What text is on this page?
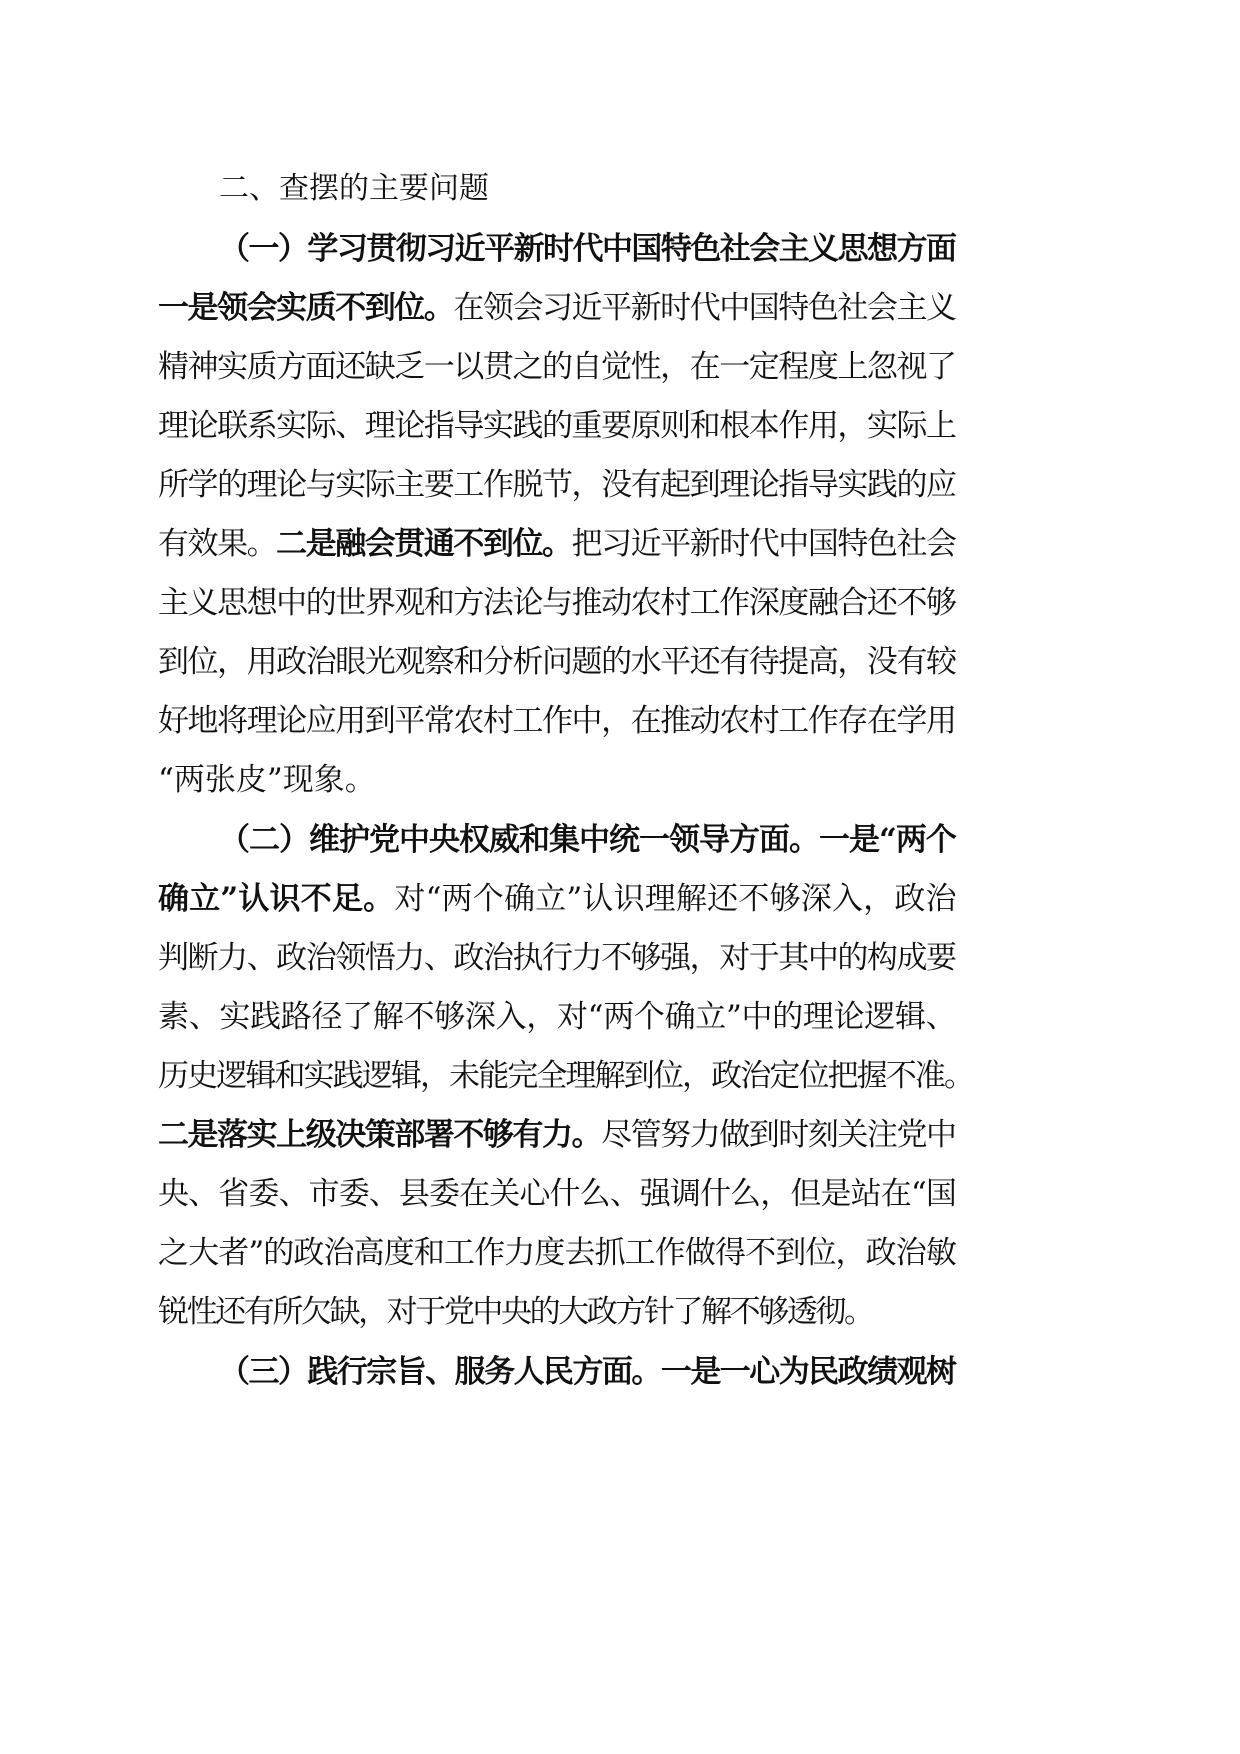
二、查摆的主要问题
（一）学习贯彻习近平新时代中国特色社会主义思想方面
一是领会实质不到位。在领会习近平新时代中国特色社会主义
精神实质方面还缺乏一以贯之的自觉性，在一定程度上忽视了
理论联系实际、理论指导实践的重要原则和根本作用，实际上
所学的理论与实际主要工作脱节，没有起到理论指导实践的应
有效果。二是融会贯通不到位。把习近平新时代中国特色社会
主义思想中的世界观和方法论与推动农村工作深度融合还不够
到位，用政治眼光观察和分析问题的水平还有待提高，没有较
好地将理论应用到平常农村工作中，在推动农村工作存在学用
“两张皮”现象。
（二）维护党中央权威和集中统一领导方面。一是“两个
确立”认识不足。对“两个确立”认识理解还不够深入，政治
判断力、政治领悟力、政治执行力不够强，对于其中的构成要
素、实践路径了解不够深入，对“两个确立”中的理论逻辑、
历史逻辑和实践逻辑，未能完全理解到位，政治定位把握不准。
二是落实上级决策部署不够有力。尽管努力做到时刻关注党中
央、省委、市委、县委在关心什么、强调什么，但是站在“国
之大者”的政治高度和工作力度去抓工作做得不到位，政治敏
锐性还有所欠缺，对于党中央的大政方针了解不够透彻。
（三）践行宗旨、服务人民方面。一是一心为民政绩观树
